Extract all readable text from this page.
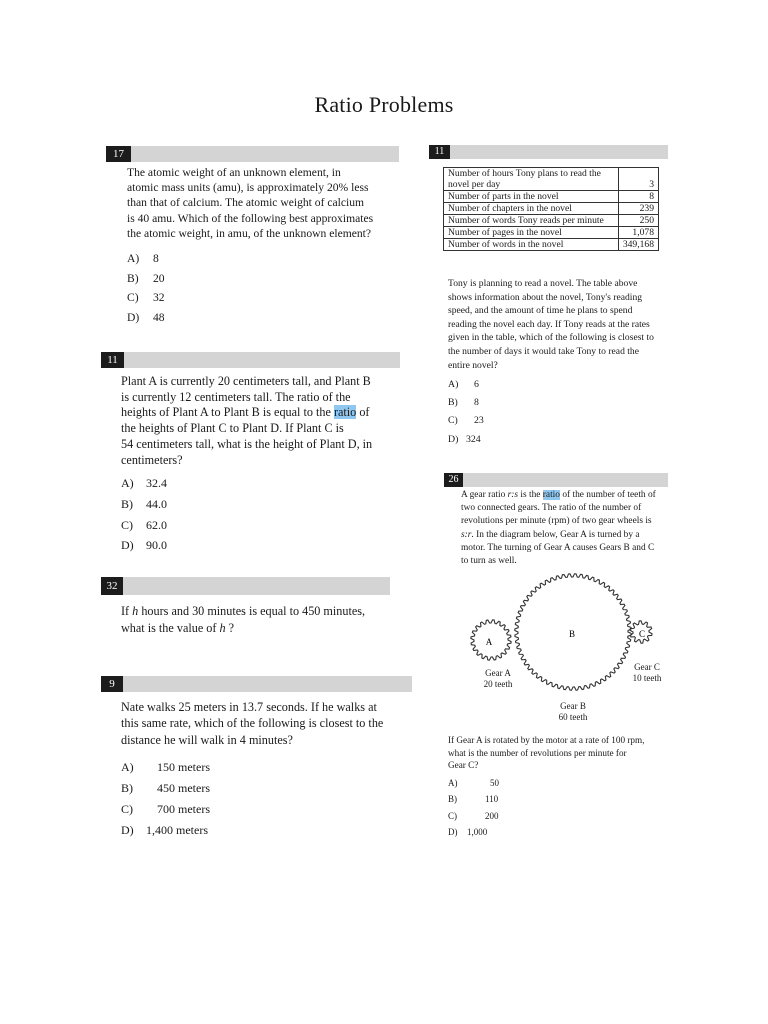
Ratio Problems
17
The atomic weight of an unknown element, in
atomic mass units (amu), is approximately 20% less
than that of calcium. The atomic weight of calcium
is 40 amu. Which of the following best approximates
the atomic weight, in amu, of the unknown element?
A) 8
B) 20
C) 32
D) 48
11
Plant A is currently 20 centimeters tall, and Plant B
is currently 12 centimeters tall. The ratio of the
heights of Plant A to Plant B is equal to the ratio of
the heights of Plant C to Plant D. If Plant C is
54 centimeters tall, what is the height of Plant D, in
centimeters?
A) 32.4
B) 44.0
C) 62.0
D) 90.0
32
If h hours and 30 minutes is equal to 450 minutes,
what is the value of h ?
9
Nate walks 25 meters in 13.7 seconds. If he walks at
this same rate, which of the following is closest to the
distance he will walk in 4 minutes?
A) 150 meters
B) 450 meters
C) 700 meters
D) 1,400 meters
11
Number of hours Tony plans to read the
novel per day	3
Number of parts in the novel	8
Number of chapters in the novel	239
Number of words Tony reads per minute	250
Number of pages in the novel	1,078
Number of words in the novel	349,168
Tony is planning to read a novel. The table above
shows information about the novel, Tony's reading
speed, and the amount of time he plans to spend
reading the novel each day. If Tony reads at the rates
given in the table, which of the following is closest to
the number of days it would take Tony to read the
entire novel?
A) 6
B) 8
C) 23
D) 324
26
A gear ratio r:s is the ratio of the number of teeth of
two connected gears. The ratio of the number of
revolutions per minute (rpm) of two gear wheels is
s:r. In the diagram below, Gear A is turned by a
motor. The turning of Gear A causes Gears B and C
to turn as well.
A
B	C
Gear A
20 teeth
Gear C
10 teeth
Gear B
60 teeth
If Gear A is rotated by the motor at a rate of 100 rpm,
what is the number of revolutions per minute for
Gear C?
A)	50
B)	110
C)	200
D) 1,000
